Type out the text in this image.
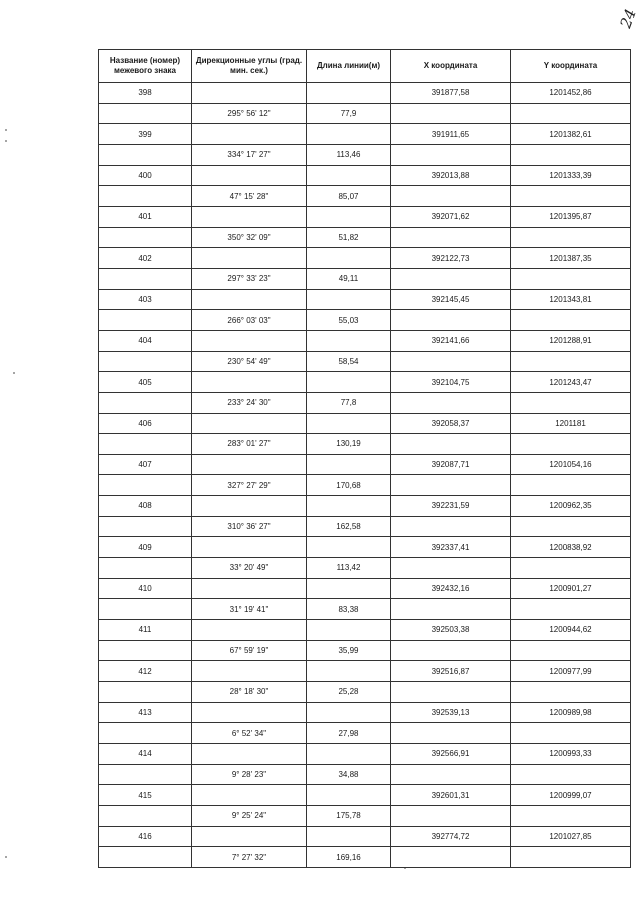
24
Название (номер) межевого знака	Дирекционные углы (град. мин. сек.)	Длина линии(м)	X координата	Y координата
398			391877,58	1201452,86
	295° 56' 12"	77,9		
399			391911,65	1201382,61
	334° 17' 27"	113,46		
400			392013,88	1201333,39
	47° 15' 28"	85,07		
401			392071,62	1201395,87
	350° 32' 09"	51,82		
402			392122,73	1201387,35
	297° 33' 23"	49,11		
403			392145,45	1201343,81
	266° 03' 03"	55,03		
404			392141,66	1201288,91
	230° 54' 49"	58,54		
405			392104,75	1201243,47
	233° 24' 30"	77,8		
406			392058,37	1201181
	283° 01' 27"	130,19		
407			392087,71	1201054,16
	327° 27' 29"	170,68		
408			392231,59	1200962,35
	310° 36' 27"	162,58		
409			392337,41	1200838,92
	33° 20' 49"	113,42		
410			392432,16	1200901,27
	31° 19' 41"	83,38		
411			392503,38	1200944,62
	67° 59' 19"	35,99		
412			392516,87	1200977,99
	28° 18' 30"	25,28		
413			392539,13	1200989,98
	6° 52' 34"	27,98		
414			392566,91	1200993,33
	9° 28' 23"	34,88		
415			392601,31	1200999,07
	9° 25' 24"	175,78		
416			392774,72	1201027,85
	7° 27' 32"	169,16		
